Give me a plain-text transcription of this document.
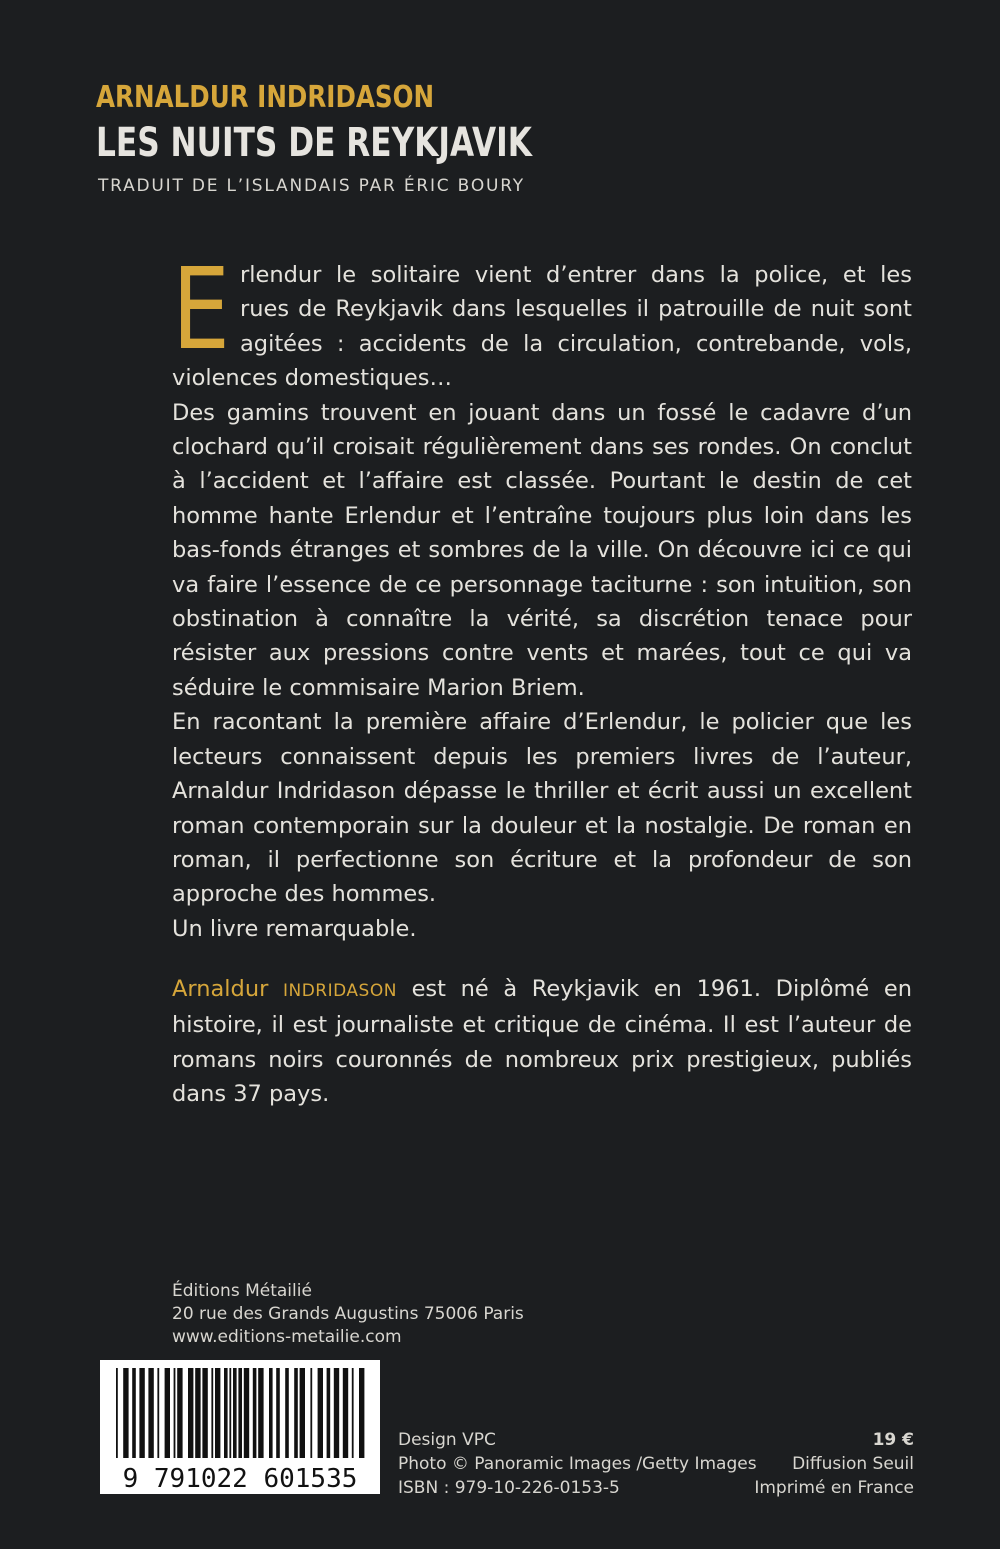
ARNALDUR INDRIDASON
LES NUITS DE REYKJAVIK
TRADUIT DE L’ISLANDAIS PAR ÉRIC BOURY
E rlendur le solitaire vient d’entrer dans la police, et les
rues de Reykjavik dans lesquelles il patrouille de nuit sont
agitées : accidents de la circulation, contrebande, vols,

violences domestiques…

Des gamins trouvent en jouant dans un fossé le cadavre d’un clochard qu’il croisait régulièrement dans ses rondes. On conclut à l’accident et l’affaire est classée. Pourtant le destin de cet homme hante Erlendur et l’entraîne toujours plus loin dans les bas-fonds étranges et sombres de la ville. On découvre ici ce qui va faire l’essence de ce personnage taciturne : son intuition, son obstination à connaître la vérité, sa discrétion tenace pour résister aux pressions contre vents et marées, tout ce qui va séduire le commisaire Marion Briem.

En racontant la première affaire d’Erlendur, le policier que les lecteurs connaissent depuis les premiers livres de l’auteur, Arnaldur Indridason dépasse le thriller et écrit aussi un excellent roman contemporain sur la douleur et la nostalgie. De roman en roman, il perfectionne son écriture et la profondeur de son approche des hommes.

Un livre remarquable.

Arnaldur INDRIDASON est né à Reykjavik en 1961. Diplômé en histoire, il est journaliste et critique de cinéma. Il est l’auteur de romans noirs couronnés de nombreux prix prestigieux, publiés dans 37 pays.
Éditions Métailié
20 rue des Grands Augustins 75006 Paris
www.editions-metailie.com
9 791022 601535
Design VPC
Photo © Panoramic Images /Getty Images
ISBN : 979-10-226-0153-5
19 €
Diffusion Seuil
Imprimé en France
